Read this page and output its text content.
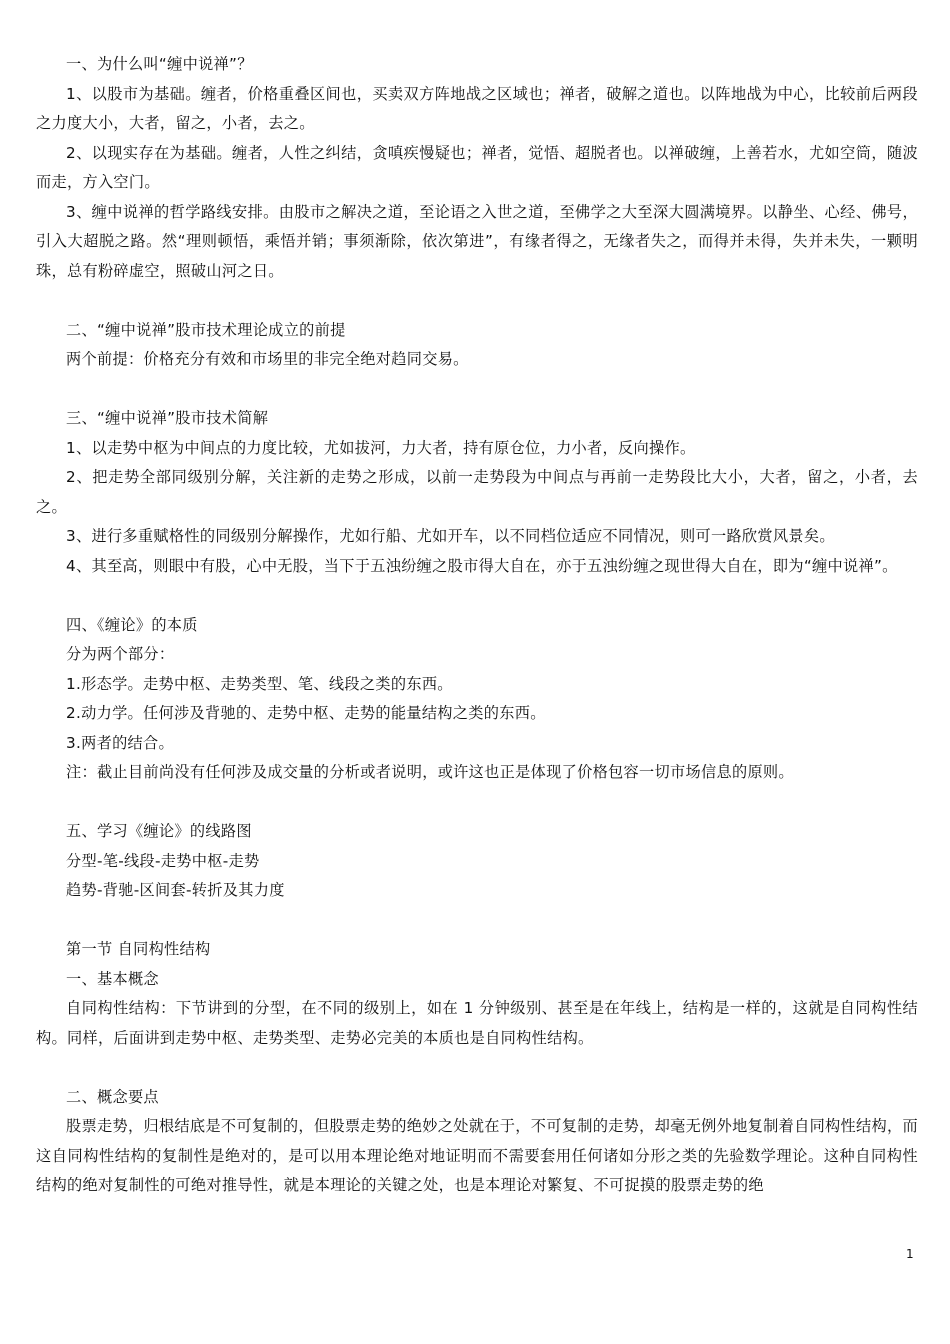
一、为什么叫“缠中说禅”？
1、以股市为基础。缠者，价格重叠区间也，买卖双方阵地战之区域也；禅者，破解之道也。以阵地战为中心，比较前后两段之力度大小，大者，留之，小者，去之。
2、以现实存在为基础。缠者，人性之纠结，贪嗔疾慢疑也；禅者，觉悟、超脱者也。以禅破缠，上善若水，尤如空筒，随波而走，方入空门。
3、缠中说禅的哲学路线安排。由股市之解决之道，至论语之入世之道，至佛学之大至深大圆满境界。以静坐、心经、佛号，引入大超脱之路。然“理则顿悟，乘悟并销；事须渐除，依次第进”，有缘者得之，无缘者失之，而得并未得，失并未失，一颗明珠，总有粉碎虚空，照破山河之日。
二、“缠中说禅”股市技术理论成立的前提
两个前提：价格充分有效和市场里的非完全绝对趋同交易。
三、“缠中说禅”股市技术简解
1、以走势中枢为中间点的力度比较，尤如拔河，力大者，持有原仓位，力小者，反向操作。
2、把走势全部同级别分解，关注新的走势之形成，以前一走势段为中间点与再前一走势段比大小，大者，留之，小者，去之。
3、进行多重赋格性的同级别分解操作，尤如行船、尤如开车，以不同档位适应不同情况，则可一路欣赏风景矣。
4、其至高，则眼中有股，心中无股，当下于五浊纷缠之股市得大自在，亦于五浊纷缠之现世得大自在，即为“缠中说禅”。
四、《缠论》的本质
分为两个部分：
1.形态学。走势中枢、走势类型、笔、线段之类的东西。
2.动力学。任何涉及背驰的、走势中枢、走势的能量结构之类的东西。
3.两者的结合。
注：截止目前尚没有任何涉及成交量的分析或者说明，或许这也正是体现了价格包容一切市场信息的原则。
五、学习《缠论》的线路图
分型-笔-线段-走势中枢-走势
趋势-背驰-区间套-转折及其力度
第一节 自同构性结构
一、基本概念
自同构性结构：下节讲到的分型，在不同的级别上，如在 1 分钟级别、甚至是在年线上，结构是一样的，这就是自同构性结构。同样，后面讲到走势中枢、走势类型、走势必完美的本质也是自同构性结构。
二、概念要点
股票走势，归根结底是不可复制的，但股票走势的绝妙之处就在于，不可复制的走势，却毫无例外地复制着自同构性结构，而这自同构性结构的复制性是绝对的，是可以用本理论绝对地证明而不需要套用任何诸如分形之类的先验数学理论。这种自同构性结构的绝对复制性的可绝对推导性，就是本理论的关键之处，也是本理论对繁复、不可捉摸的股票走势的绝
1
